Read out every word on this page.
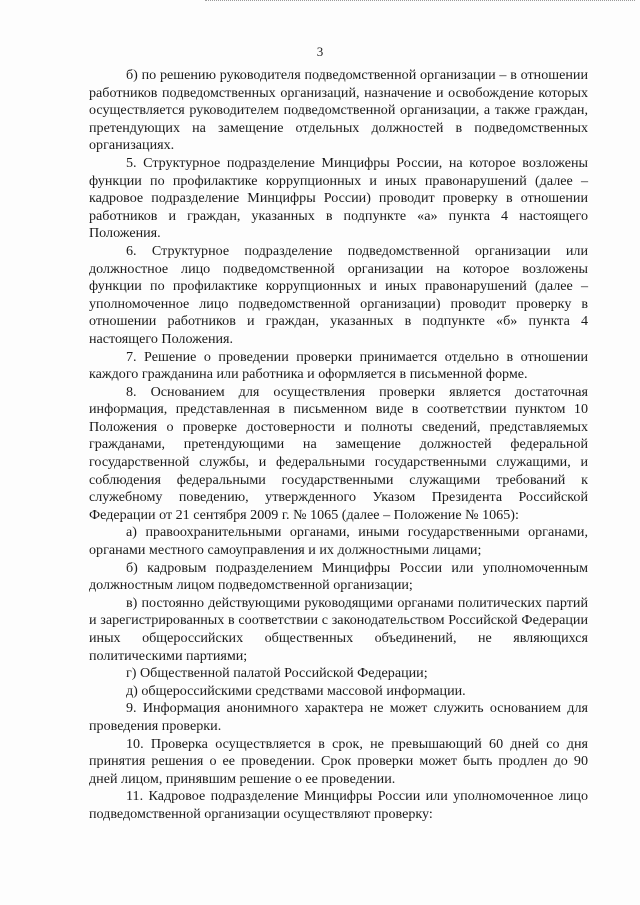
3

б) по решению руководителя подведомственной организации – в отношении работников подведомственных организаций, назначение и освобождение которых осуществляется руководителем подведомственной организации, а также граждан, претендующих на замещение отдельных должностей в подведомственных организациях.

5. Структурное подразделение Минцифры России, на которое возложены функции по профилактике коррупционных и иных правонарушений (далее – кадровое подразделение Минцифры России) проводит проверку в отношении работников и граждан, указанных в подпункте «а» пункта 4 настоящего Положения.

6. Структурное подразделение подведомственной организации или должностное лицо подведомственной организации на которое возложены функции по профилактике коррупционных и иных правонарушений (далее – уполномоченное лицо подведомственной организации) проводит проверку в отношении работников и граждан, указанных в подпункте «б» пункта 4 настоящего Положения.

7. Решение о проведении проверки принимается отдельно в отношении каждого гражданина или работника и оформляется в письменной форме.

8. Основанием для осуществления проверки является достаточная информация, представленная в письменном виде в соответствии пунктом 10 Положения о проверке достоверности и полноты сведений, представляемых гражданами, претендующими на замещение должностей федеральной государственной службы, и федеральными государственными служащими, и соблюдения федеральными государственными служащими требований к служебному поведению, утвержденного Указом Президента Российской Федерации от 21 сентября 2009 г. № 1065 (далее – Положение № 1065):

а) правоохранительными органами, иными государственными органами, органами местного самоуправления и их должностными лицами;

б) кадровым подразделением Минцифры России или уполномоченным должностным лицом подведомственной организации;

в) постоянно действующими руководящими органами политических партий и зарегистрированных в соответствии с законодательством Российской Федерации иных общероссийских общественных объединений, не являющихся политическими партиями;

г) Общественной палатой Российской Федерации;

д) общероссийскими средствами массовой информации.

9. Информация анонимного характера не может служить основанием для проведения проверки.

10. Проверка осуществляется в срок, не превышающий 60 дней со дня принятия решения о ее проведении. Срок проверки может быть продлен до 90 дней лицом, принявшим решение о ее проведении.

11. Кадровое подразделение Минцифры России или уполномоченное лицо подведомственной организации осуществляют проверку:
